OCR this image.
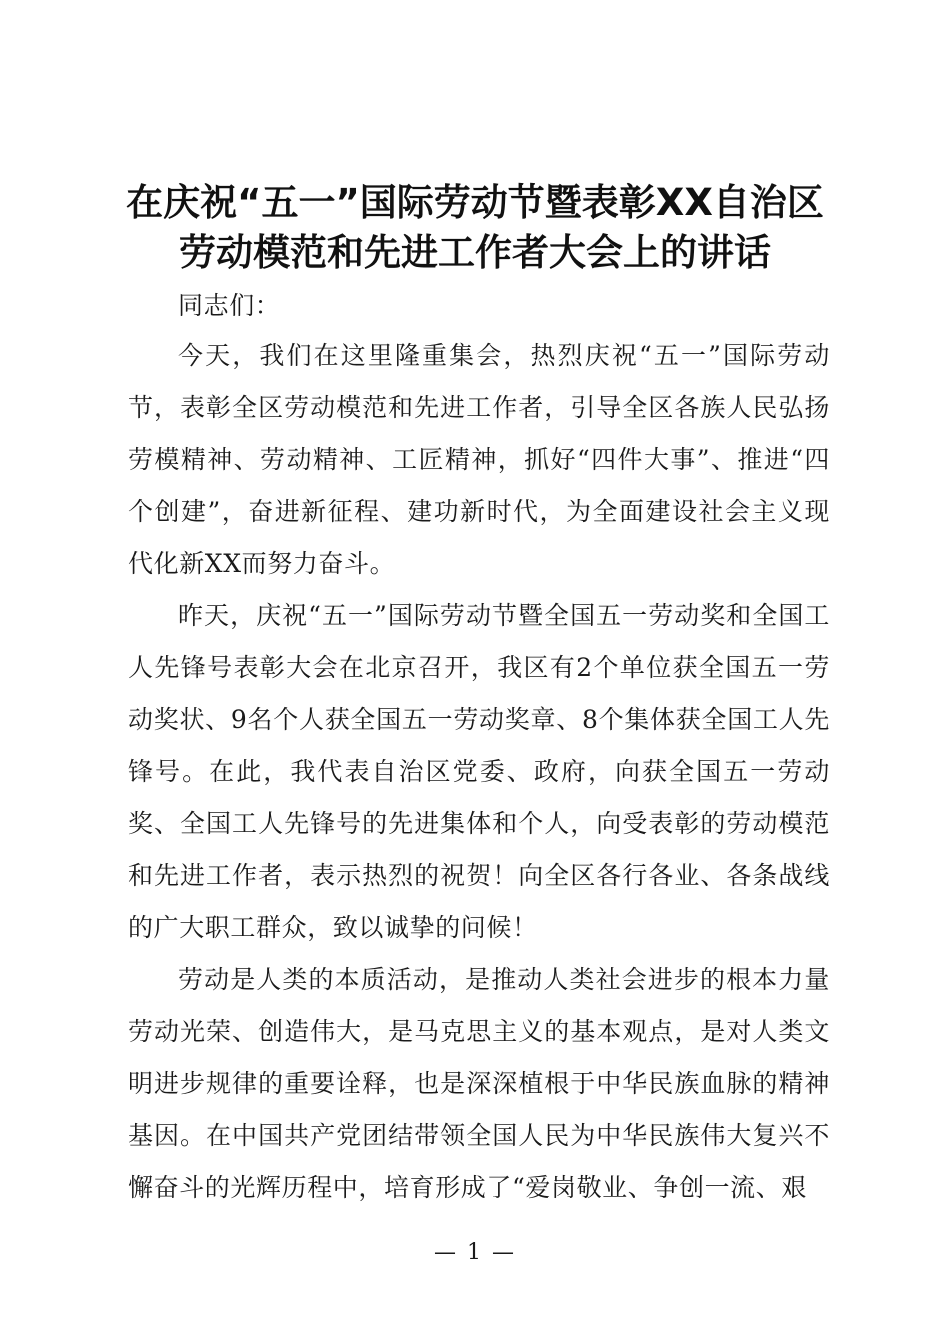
在庆祝“五一”国际劳动节暨表彰XX自治区
劳动模范和先进工作者大会上的讲话

同志们：

今天，我们在这里隆重集会，热烈庆祝“五一”国际劳动节，表彰全区劳动模范和先进工作者，引导全区各族人民弘扬劳模精神、劳动精神、工匠精神，抓好“四件大事”、推进“四个创建”，奋进新征程、建功新时代，为全面建设社会主义现代化新XX而努力奋斗。

昨天，庆祝“五一”国际劳动节暨全国五一劳动奖和全国工人先锋号表彰大会在北京召开，我区有2个单位获全国五一劳动奖状、9名个人获全国五一劳动奖章、8个集体获全国工人先锋号。在此，我代表自治区党委、政府，向获全国五一劳动奖、全国工人先锋号的先进集体和个人，向受表彰的劳动模范和先进工作者，表示热烈的祝贺！向全区各行各业、各条战线的广大职工群众，致以诚挚的问候！

劳动是人类的本质活动，是推动人类社会进步的根本力量劳动光荣、创造伟大，是马克思主义的基本观点，是对人类文明进步规律的重要诠释，也是深深植根于中华民族血脉的精神基因。在中国共产党团结带领全国人民为中华民族伟大复兴不懈奋斗的光辉历程中，培育形成了“爱岗敬业、争创一流、艰

— 1 —
